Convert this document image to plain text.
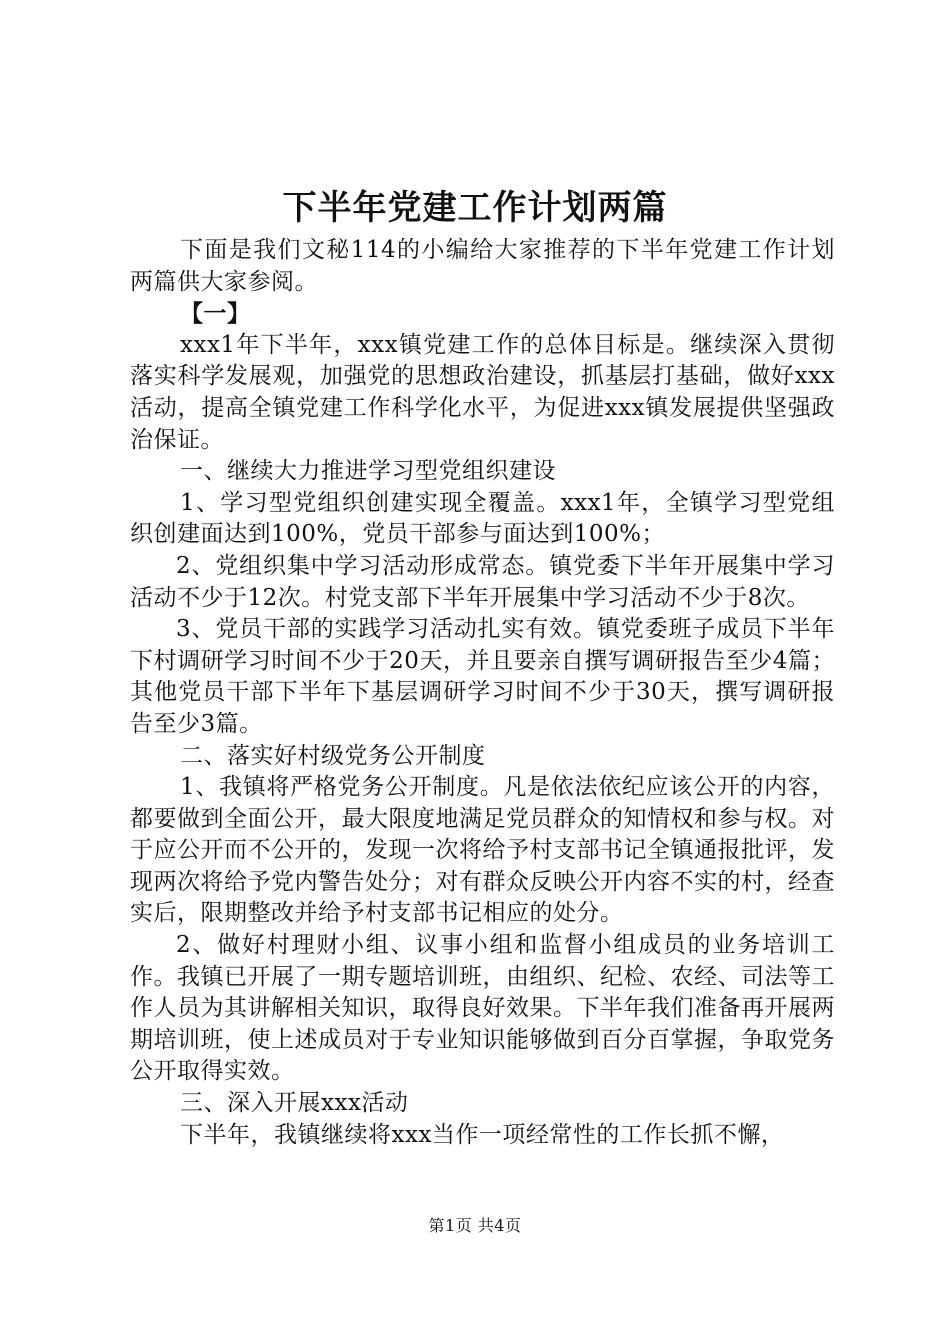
下半年党建工作计划两篇

下面是我们文秘114的小编给大家推荐的下半年党建工作计划两篇供大家参阅。

【一】

xxx1年下半年，xxx镇党建工作的总体目标是。继续深入贯彻落实科学发展观，加强党的思想政治建设，抓基层打基础，做好xxx活动，提高全镇党建工作科学化水平，为促进xxx镇发展提供坚强政治保证。

一、继续大力推进学习型党组织建设

1、学习型党组织创建实现全覆盖。xxx1年，全镇学习型党组织创建面达到100%，党员干部参与面达到100%；

2、党组织集中学习活动形成常态。镇党委下半年开展集中学习活动不少于12次。村党支部下半年开展集中学习活动不少于8次。

3、党员干部的实践学习活动扎实有效。镇党委班子成员下半年下村调研学习时间不少于20天，并且要亲自撰写调研报告至少4篇；其他党员干部下半年下基层调研学习时间不少于30天，撰写调研报告至少3篇。

二、落实好村级党务公开制度

1、我镇将严格党务公开制度。凡是依法依纪应该公开的内容，都要做到全面公开，最大限度地满足党员群众的知情权和参与权。对于应公开而不公开的，发现一次将给予村支部书记全镇通报批评，发现两次将给予党内警告处分；对有群众反映公开内容不实的村，经查实后，限期整改并给予村支部书记相应的处分。

2、做好村理财小组、议事小组和监督小组成员的业务培训工作。我镇已开展了一期专题培训班，由组织、纪检、农经、司法等工作人员为其讲解相关知识，取得良好效果。下半年我们准备再开展两期培训班，使上述成员对于专业知识能够做到百分百掌握，争取党务公开取得实效。

三、深入开展xxx活动

下半年，我镇继续将xxx当作一项经常性的工作长抓不懈，

第1页 共4页
